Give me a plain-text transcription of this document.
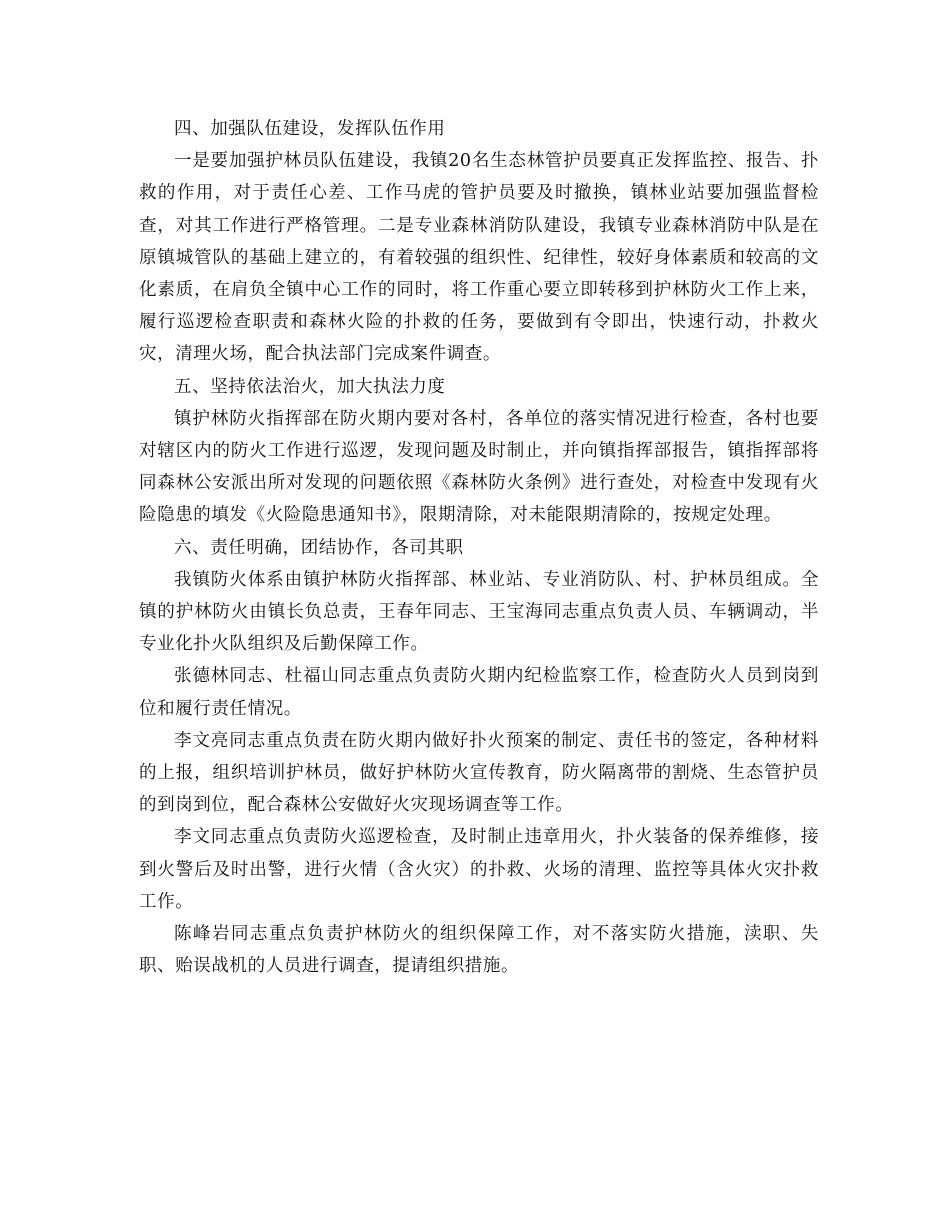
四、加强队伍建设，发挥队伍作用

一是要加强护林员队伍建设，我镇20名生态林管护员要真正发挥监控、报告、扑救的作用，对于责任心差、工作马虎的管护员要及时撤换，镇林业站要加强监督检查，对其工作进行严格管理。二是专业森林消防队建设，我镇专业森林消防中队是在原镇城管队的基础上建立的，有着较强的组织性、纪律性，较好身体素质和较高的文化素质，在肩负全镇中心工作的同时，将工作重心要立即转移到护林防火工作上来，履行巡逻检查职责和森林火险的扑救的任务，要做到有令即出，快速行动，扑救火灾，清理火场，配合执法部门完成案件调查。

五、坚持依法治火，加大执法力度

镇护林防火指挥部在防火期内要对各村，各单位的落实情况进行检查，各村也要对辖区内的防火工作进行巡逻，发现问题及时制止，并向镇指挥部报告，镇指挥部将同森林公安派出所对发现的问题依照《森林防火条例》进行查处，对检查中发现有火险隐患的填发《火险隐患通知书》，限期清除，对未能限期清除的，按规定处理。

六、责任明确，团结协作，各司其职

我镇防火体系由镇护林防火指挥部、林业站、专业消防队、村、护林员组成。全镇的护林防火由镇长负总责，王春年同志、王宝海同志重点负责人员、车辆调动，半专业化扑火队组织及后勤保障工作。

张德林同志、杜福山同志重点负责防火期内纪检监察工作，检查防火人员到岗到位和履行责任情况。

李文亮同志重点负责在防火期内做好扑火预案的制定、责任书的签定，各种材料的上报，组织培训护林员，做好护林防火宣传教育，防火隔离带的割烧、生态管护员的到岗到位，配合森林公安做好火灾现场调查等工作。

李文同志重点负责防火巡逻检查，及时制止违章用火，扑火装备的保养维修，接到火警后及时出警，进行火情（含火灾）的扑救、火场的清理、监控等具体火灾扑救工作。

陈峰岩同志重点负责护林防火的组织保障工作，对不落实防火措施，渎职、失职、贻误战机的人员进行调查，提请组织措施。
